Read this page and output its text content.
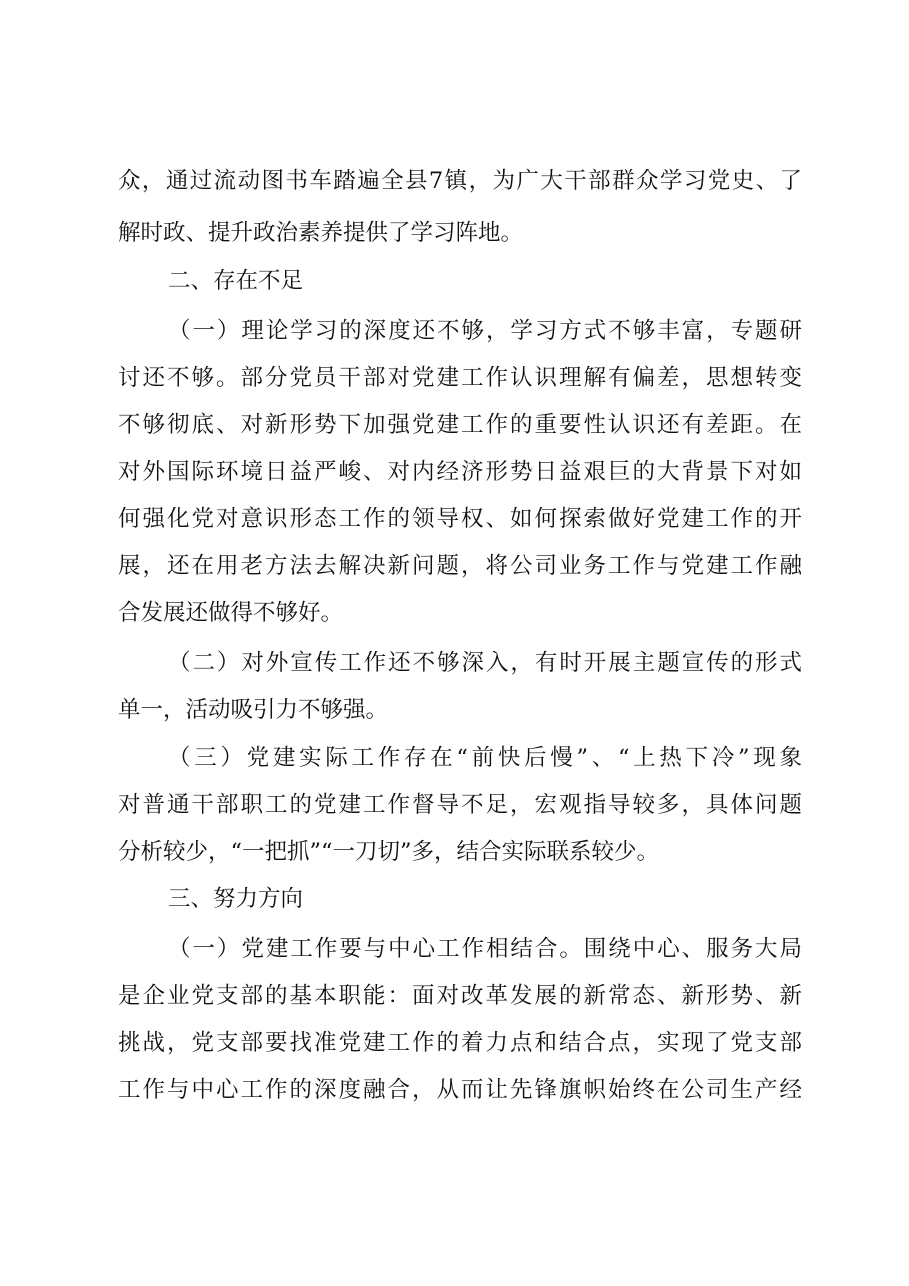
众，通过流动图书车踏遍全县7镇，为广大干部群众学习党史、了
解时政、提升政治素养提供了学习阵地。
二、存在不足
（一）理论学习的深度还不够，学习方式不够丰富，专题研
讨还不够。部分党员干部对党建工作认识理解有偏差，思想转变
不够彻底、对新形势下加强党建工作的重要性认识还有差距。在
对外国际环境日益严峻、对内经济形势日益艰巨的大背景下对如
何强化党对意识形态工作的领导权、如何探索做好党建工作的开
展，还在用老方法去解决新问题，将公司业务工作与党建工作融
合发展还做得不够好。
（二）对外宣传工作还不够深入，有时开展主题宣传的形式
单一，活动吸引力不够强。
（三）党建实际工作存在“前快后慢”、“上热下冷”现象
对普通干部职工的党建工作督导不足，宏观指导较多，具体问题
分析较少，“一把抓”“一刀切”多，结合实际联系较少。
三、努力方向
（一）党建工作要与中心工作相结合。围绕中心、服务大局
是企业党支部的基本职能：面对改革发展的新常态、新形势、新
挑战，党支部要找准党建工作的着力点和结合点，实现了党支部
工作与中心工作的深度融合，从而让先锋旗帜始终在公司生产经
